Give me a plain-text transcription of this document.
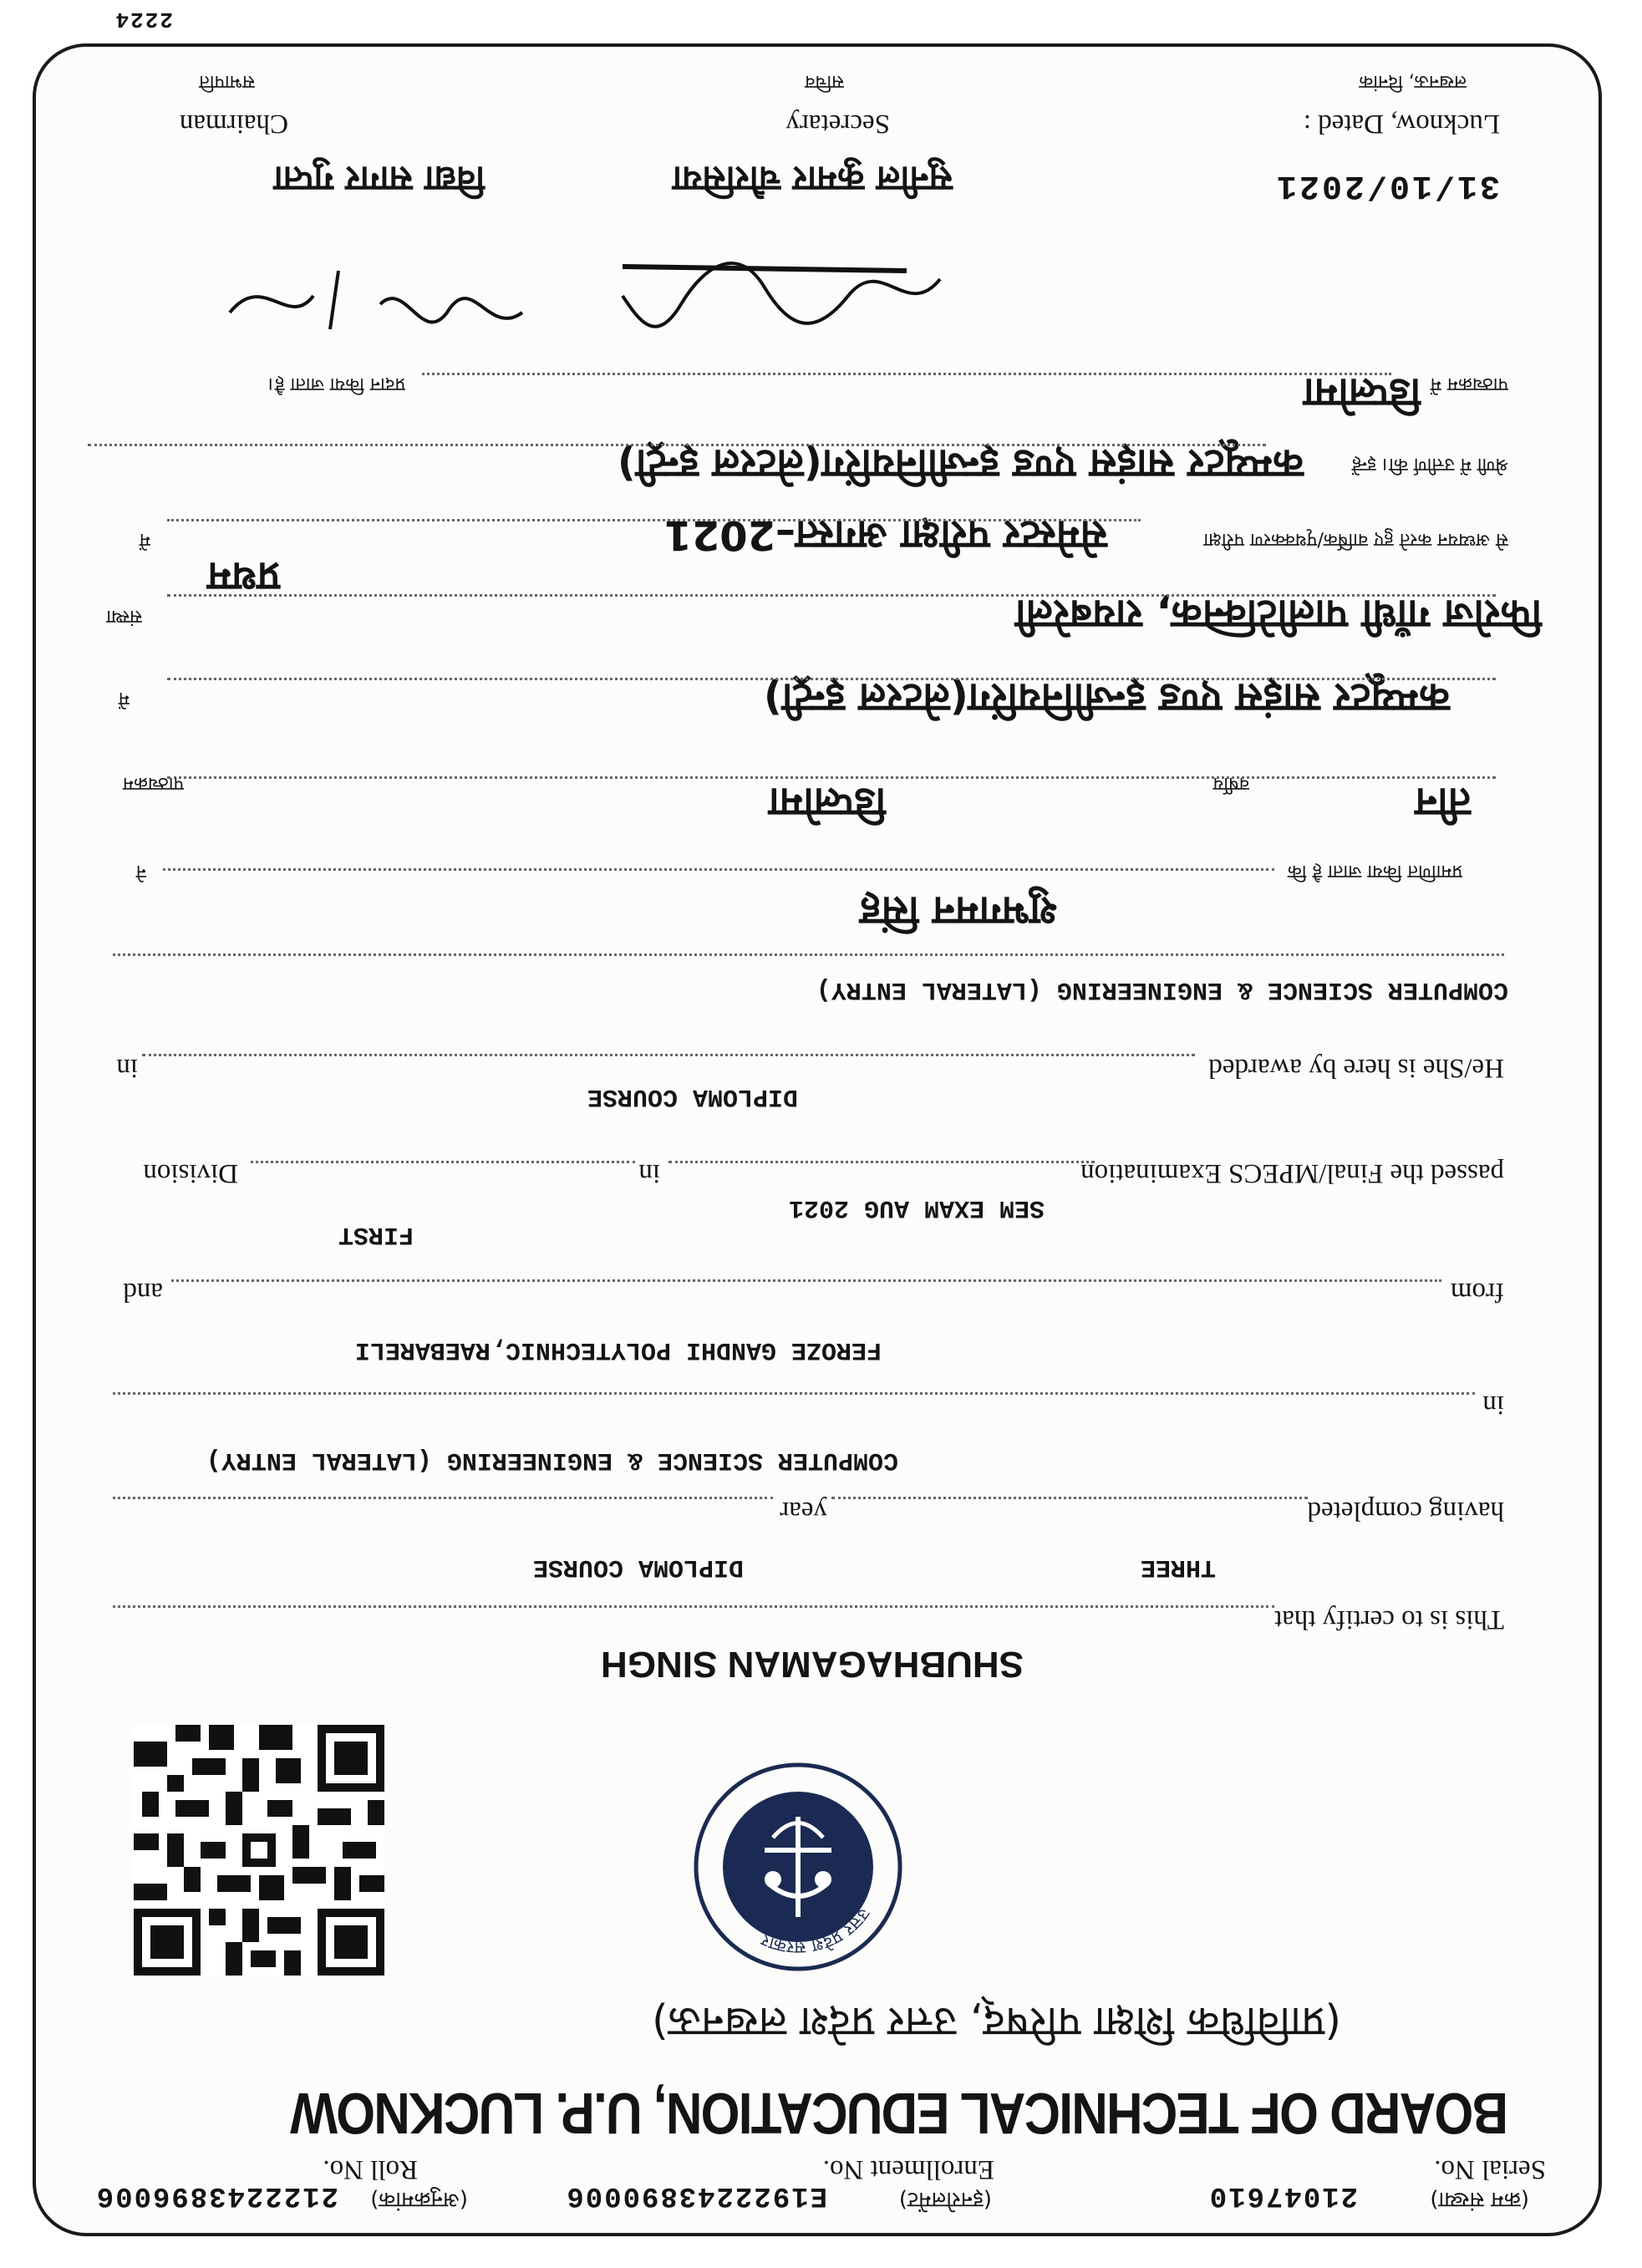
2224
Serial No.
(क्रम संख्या)
21047610
Enrollment No.
(इनरोलमेंट)
E1922243890006
Roll No.
(अनुक्रमांक)
2122243896006
BOARD OF TECHNICAL EDUCATION, U.P. LUCKNOW
(प्राविधिक शिक्षा परिषद्, उत्तर प्रदेश लखनऊ)
उत्तर प्रदेश सरकार
SHUBHAGAMAN SINGH
This is to certify that
THREE
DIPLOMA COURSE
having completed
year
COMPUTER SCIENCE & ENGINEERING (LATERAL ENTRY)
in
FEROZE GANDHI POLYTECHNIC,RAEBARELI
from
and
FIRST
SEM EXAM AUG 2021
passed the Final/MPECS Examination
in
Division
DIPLOMA COURSE
He/She is here by awarded
in
COMPUTER SCIENCE & ENGINEERING (LATERAL ENTRY)
शुभगमन सिंह
प्रमाणित किया जाता है कि
ने
तीन
डिप्लोमा	वर्षीय
पाठ्यक्रम
कम्प्यूटर साइंस एण्ड इन्जीनियरिंग(लेटरल इन्ट्री)
में
फिरोज गाँधी पालीटेक्निक, रायबरेली
प्रथम
संस्था
सेमेस्टर परीक्षा अगस्त–2021	से अध्ययन करते हुए वार्षिक/पृथक्करण परीक्षा
में
कम्प्यूटर साइंस एण्ड इन्जीनियरिंग(लेटरल इन्ट्री)	श्रेणी में उत्तीर्ण की। इन्हें
डिप्लोमा पाठ्यक्रम में
प्रदान किया जाता है।
31/10/2021
सुनील कुमार चौरसिया
विद्या सागर गुप्ता
Luckno‍w, Dated :
Secretary
Chairman
लखनऊ, दिनांक
सचिव
सभापति
